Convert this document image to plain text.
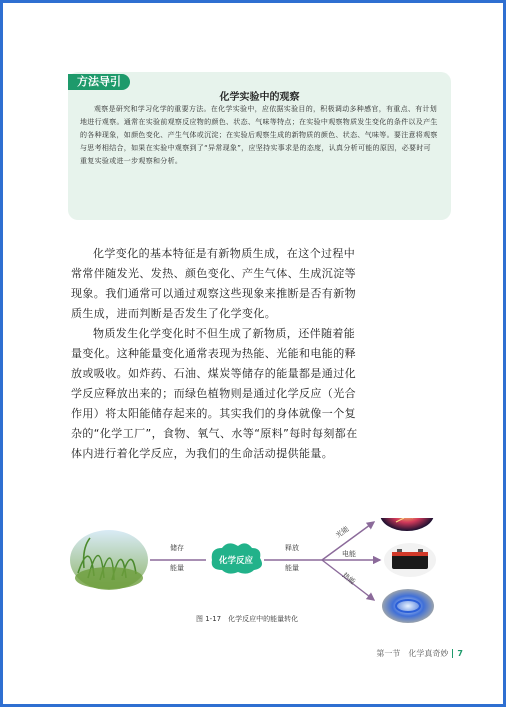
方法导引
化学实验中的观察

观察是研究和学习化学的重要方法。在化学实验中，应依据实验目的，积极调动多种感官，有重点、有计划地进行观察。通常在实验前观察反应物的颜色、状态、气味等特点；在实验中观察物质发生变化的条件以及产生的各种现象，如颜色变化、产生气体或沉淀；在实验后观察生成的新物质的颜色、状态、气味等。要注意将观察与思考相结合，如果在实验中观察到了“异常现象”，应坚持实事求是的态度，认真分析可能的原因，必要时可重复实验或进一步观察和分析。

化学变化的基本特征是有新物质生成，在这个过程中常常伴随发光、发热、颜色变化、产生气体、生成沉淀等现象。我们通常可以通过观察这些现象来推断是否有新物质生成，进而判断是否发生了化学变化。

物质发生化学变化时不但生成了新物质，还伴随着能量变化。这种能量变化通常表现为热能、光能和电能的释放或吸收。如炸药、石油、煤炭等储存的能量都是通过化学反应释放出来的；而绿色植物则是通过化学反应（光合作用）将太阳能储存起来的。其实我们的身体就像一个复杂的“化学工厂”，食物、氧气、水等“原料”每时每刻都在体内进行着化学反应，为我们的生命活动提供能量。

储存
能量
化学反应
释放
能量
光能
电能
热能
图 1-17　化学反应中的能量转化
第一节　化学真奇妙 7
